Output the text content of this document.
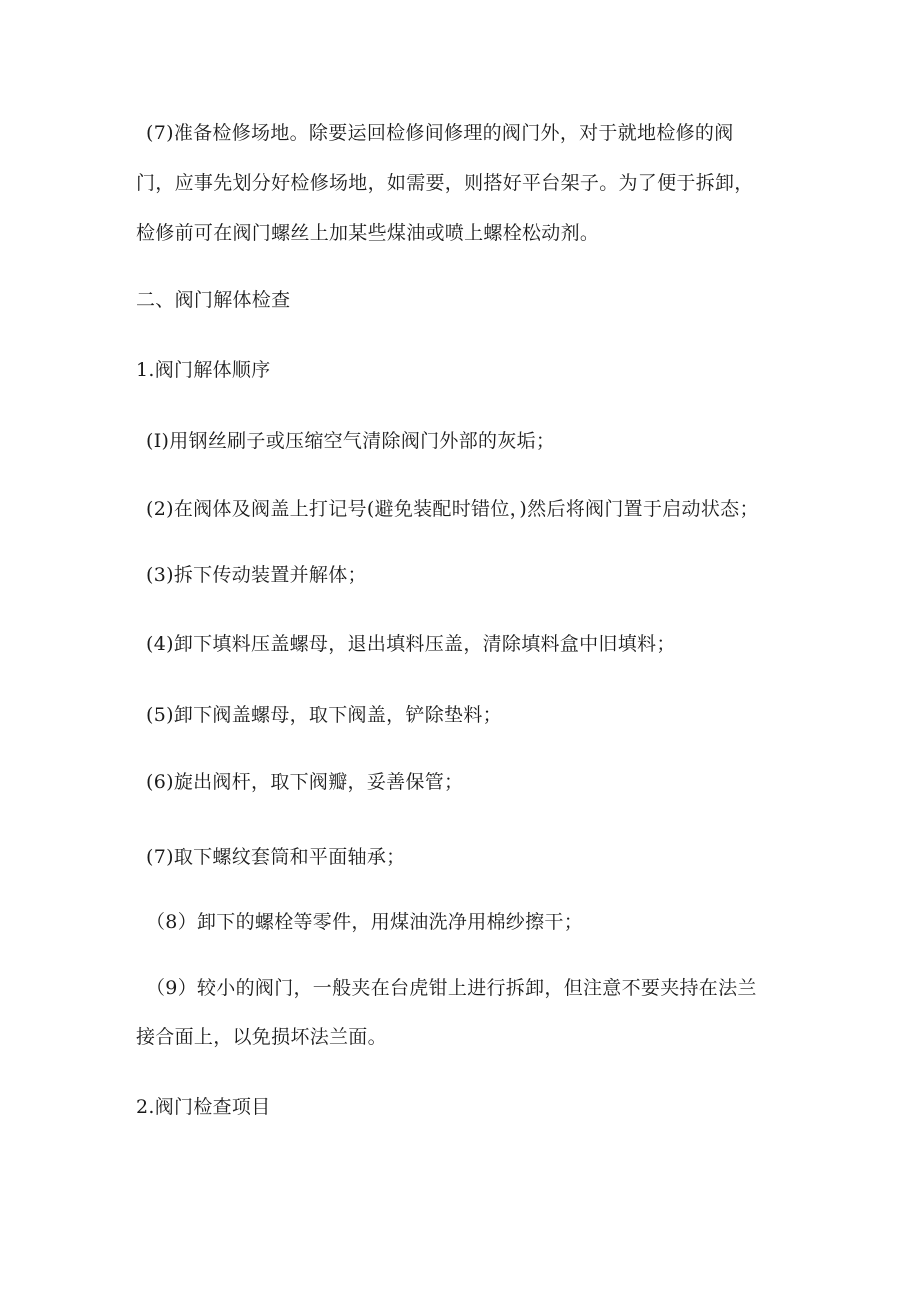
(7)准备检修场地。除要运回检修间修理的阀门外，对于就地检修的阀
门，应事先划分好检修场地，如需要，则搭好平台架子。为了便于拆卸，
检修前可在阀门螺丝上加某些煤油或喷上螺栓松动剂。
二、阀门解体检查
1.阀门解体顺序
(I)用钢丝刷子或压缩空气清除阀门外部的灰垢；
(2)在阀体及阀盖上打记号(避免装配时错位，)然后将阀门置于启动状态；
(3)拆下传动装置并解体；
(4)卸下填料压盖螺母，退出填料压盖，清除填料盒中旧填料；
(5)卸下阀盖螺母，取下阀盖，铲除垫料；
(6)旋出阀杆，取下阀瓣，妥善保管；
(7)取下螺纹套筒和平面轴承；
（8）卸下的螺栓等零件，用煤油洗净用棉纱擦干；
（9）较小的阀门，一般夹在台虎钳上进行拆卸，但注意不要夹持在法兰
接合面上，以免损坏法兰面。
2.阀门检查项目
